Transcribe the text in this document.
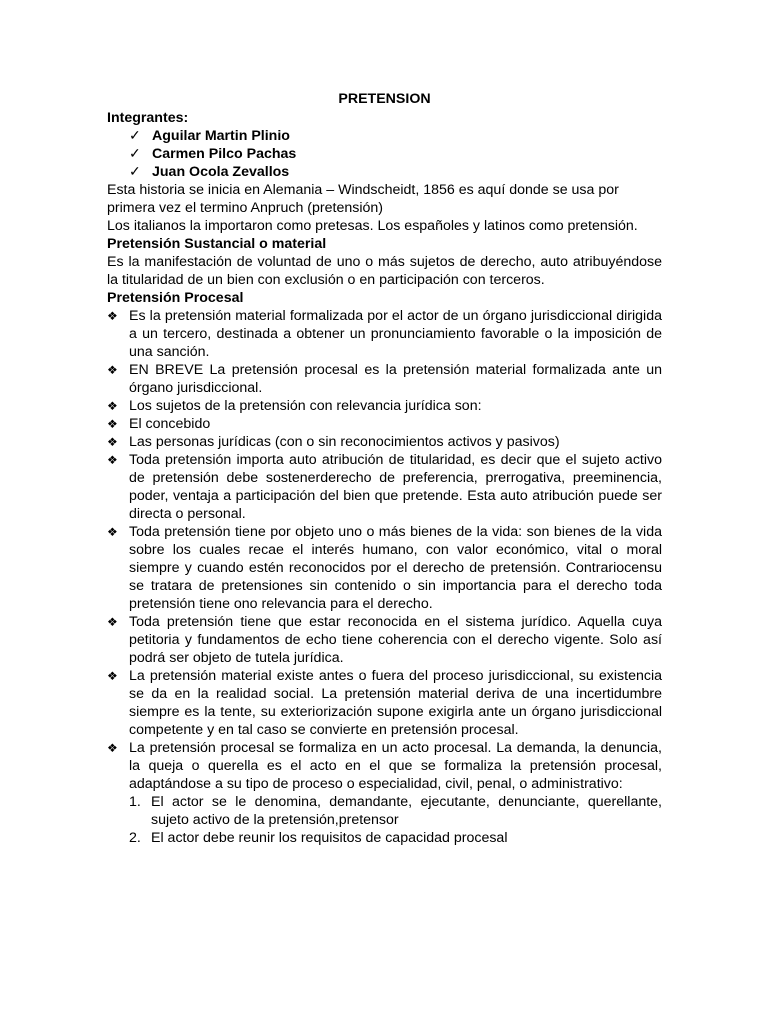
PRETENSION
Integrantes:
✓ Aguilar Martin Plinio
✓ Carmen Pilco Pachas
✓ Juan Ocola Zevallos

Esta historia se inicia en Alemania – Windscheidt, 1856 es aquí donde se usa por primera vez el termino Anpruch (pretensión)

Los italianos la importaron como pretesas. Los españoles y latinos como pretensión.

Pretensión Sustancial o material

Es la manifestación de voluntad de uno o más sujetos de derecho, auto atribuyéndose la titularidad de un bien con exclusión o en participación con terceros.

Pretensión Procesal
❖ Es la pretensión material formalizada por el actor de un órgano jurisdiccional dirigida a un tercero, destinada a obtener un pronunciamiento favorable o la imposición de una sanción.
❖ EN BREVE La pretensión procesal es la pretensión material formalizada ante un órgano jurisdiccional.
❖ Los sujetos de la pretensión con relevancia jurídica son:
❖ El concebido
❖ Las personas jurídicas (con o sin reconocimientos activos y pasivos)
❖ Toda pretensión importa auto atribución de titularidad, es decir que el sujeto activo de pretensión debe sostenerderecho de preferencia, prerrogativa, preeminencia, poder, ventaja a participación del bien que pretende. Esta auto atribución puede ser directa o personal.
❖ Toda pretensión tiene por objeto uno o más bienes de la vida: son bienes de la vida sobre los cuales recae el interés humano, con valor económico, vital o moral siempre y cuando estén reconocidos por el derecho de pretensión. Contrariocensu se tratara de pretensiones sin contenido o sin importancia para el derecho toda pretensión tiene ono relevancia para el derecho.
❖ Toda pretensión tiene que estar reconocida en el sistema jurídico. Aquella cuya petitoria y fundamentos de echo tiene coherencia con el derecho vigente. Solo así podrá ser objeto de tutela jurídica.
❖ La pretensión material existe antes o fuera del proceso jurisdiccional, su existencia se da en la realidad social. La pretensión material deriva de una incertidumbre siempre es la tente, su exteriorización supone exigirla ante un órgano jurisdiccional competente y en tal caso se convierte en pretensión procesal.
❖ La pretensión procesal se formaliza en un acto procesal. La demanda, la denuncia, la queja o querella es el acto en el que se formaliza la pretensión procesal, adaptándose a su tipo de proceso o especialidad, civil, penal, o administrativo:
1. El actor se le denomina, demandante, ejecutante, denunciante, querellante, sujeto activo de la pretensión,pretensor
2. El actor debe reunir los requisitos de capacidad procesal
